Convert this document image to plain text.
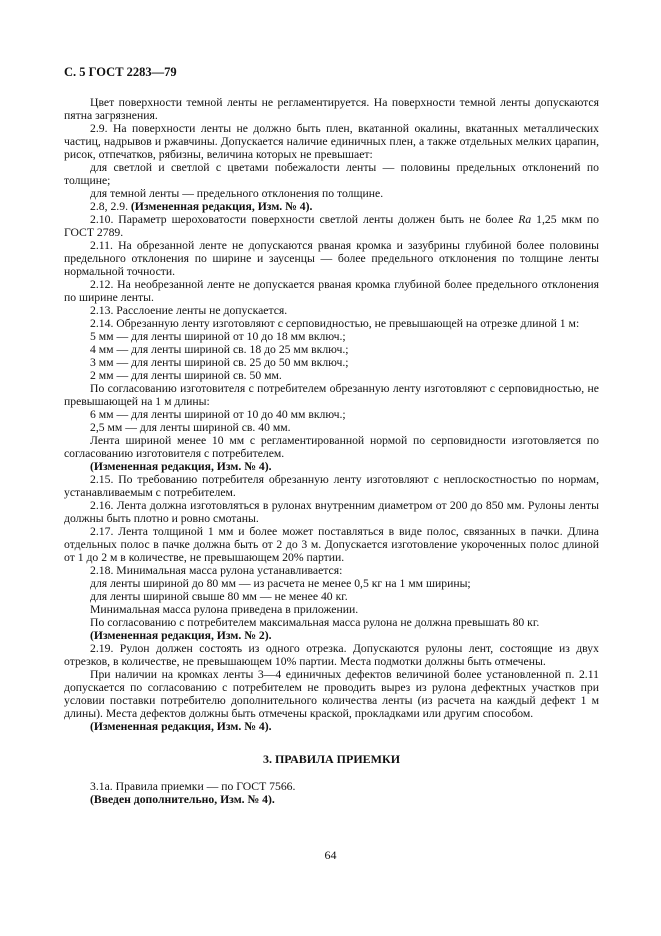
С. 5 ГОСТ 2283—79

Цвет поверхности темной ленты не регламентируется. На поверхности темной ленты допускаются пятна загрязнения.

2.9. На поверхности ленты не должно быть плен, вкатанной окалины, вкатанных металлических частиц, надрывов и ржавчины. Допускается наличие единичных плен, а также отдельных мелких царапин, рисок, отпечатков, рябизны, величина которых не превышает:

для светлой и светлой с цветами побежалости ленты — половины предельных отклонений по толщине;

для темной ленты — предельного отклонения по толщине.

2.8, 2.9. (Измененная редакция, Изм. № 4).

2.10. Параметр шероховатости поверхности светлой ленты должен быть не более Ra 1,25 мкм по ГОСТ 2789.

2.11. На обрезанной ленте не допускаются рваная кромка и зазубрины глубиной более половины предельного отклонения по ширине и заусенцы — более предельного отклонения по толщине ленты нормальной точности.

2.12. На необрезанной ленте не допускается рваная кромка глубиной более предельного отклонения по ширине ленты.

2.13. Расслоение ленты не допускается.

2.14. Обрезанную ленту изготовляют с серповидностью, не превышающей на отрезке длиной 1 м:

5 мм — для ленты шириной от 10 до 18 мм включ.;

4 мм — для ленты шириной св. 18 до 25 мм включ.;

3 мм — для ленты шириной св. 25 до 50 мм включ.;

2 мм — для ленты шириной св. 50 мм.

По согласованию изготовителя с потребителем обрезанную ленту изготовляют с серповидностью, не превышающей на 1 м длины:

6 мм — для ленты шириной от 10 до 40 мм включ.;

2,5 мм — для ленты шириной св. 40 мм.

Лента шириной менее 10 мм с регламентированной нормой по серповидности изготовляется по согласованию изготовителя с потребителем.

(Измененная редакция, Изм. № 4).

2.15. По требованию потребителя обрезанную ленту изготовляют с неплоскостностью по нормам, устанавливаемым с потребителем.

2.16. Лента должна изготовляться в рулонах внутренним диаметром от 200 до 850 мм. Рулоны ленты должны быть плотно и ровно смотаны.

2.17. Лента толщиной 1 мм и более может поставляться в виде полос, связанных в пачки. Длина отдельных полос в пачке должна быть от 2 до 3 м. Допускается изготовление укороченных полос длиной от 1 до 2 м в количестве, не превышающем 20% партии.

2.18. Минимальная масса рулона устанавливается:

для ленты шириной до 80 мм — из расчета не менее 0,5 кг на 1 мм ширины;

для ленты шириной свыше 80 мм — не менее 40 кг.

Минимальная масса рулона приведена в приложении.

По согласованию с потребителем максимальная масса рулона не должна превышать 80 кг.

(Измененная редакция, Изм. № 2).

2.19. Рулон должен состоять из одного отрезка. Допускаются рулоны лент, состоящие из двух отрезков, в количестве, не превышающем 10% партии. Места подмотки должны быть отмечены.

При наличии на кромках ленты 3—4 единичных дефектов величиной более установленной п. 2.11 допускается по согласованию с потребителем не проводить вырез из рулона дефектных участков при условии поставки потребителю дополнительного количества ленты (из расчета на каждый дефект 1 м длины). Места дефектов должны быть отмечены краской, прокладками или другим способом.

(Измененная редакция, Изм. № 4).

3. ПРАВИЛА ПРИЕМКИ

3.1а. Правила приемки — по ГОСТ 7566.

(Введен дополнительно, Изм. № 4).

64
